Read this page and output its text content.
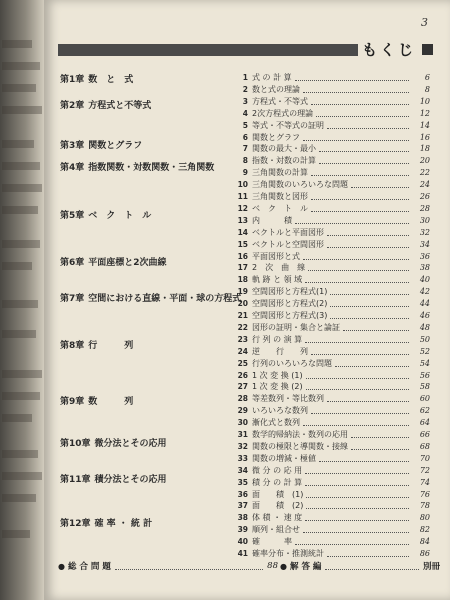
3
もくじ
第1章 数　と　式
第2章 方程式と不等式
第3章 関数とグラフ
第4章 指数関数・対数関数・三角関数
第5章 ベ　ク　ト　ル
第6章 平面座標と2次曲線
第7章 空間における直線・平面・球の方程式
第8章 行　　　列
第9章 数　　　列
第10章 微分法とその応用
第11章 積分法とその応用
第12章 確 率 ・ 統 計
1 式 の 計 算	6
2 数と式の理論	8
3 方程式・不等式	10
4 2次方程式の理論	12
5 等式・不等式の証明	14
6 関数とグラフ	16
7 関数の最大・最小	18
8 指数・対数の計算	20
9 三角関数の計算	22
10 三角関数のいろいろな問題	24
11 三角関数と図形	26
12 ベ　ク　ト　ル	28
13 内　　　積	30
14 ベクトルと平面図形	32
15 ベクトルと空間図形	34
16 平面図形と式	36
17 2　次　曲　線	38
18 軌 跡 と 領 域	40
19 空間図形と方程式(1)	42
20 空間図形と方程式(2)	44
21 空間図形と方程式(3)	46
22 図形の証明・集合と論証	48
23 行 列 の 演 算	50
24 逆　　行　　列	52
25 行列のいろいろな問題	54
26 1 次 変 換 (1)	56
27 1 次 変 換 (2)	58
28 等差数列・等比数列	60
29 いろいろな数列	62
30 漸化式と数列	64
31 数学的帰納法・数列の応用	66
32 関数の極限と導関数・接線	68
33 関数の増減・極値	70
34 微 分 の 応 用	72
35 積 分 の 計 算	74
36 面　　積　(1)	76
37 面　　積　(2)	78
38 体 積 ・ 速 度	80
39 順列・組合せ	82
40 確　　　率	84
41 確率分布・推測統計	86
● 総 合 問 題	88 ● 解 答 編	別冊
